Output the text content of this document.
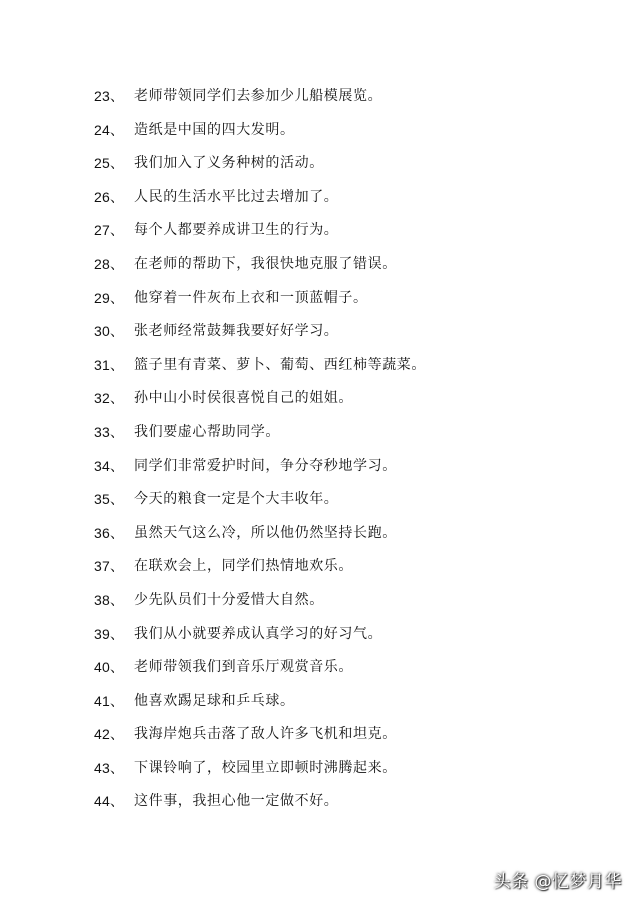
23、 老师带领同学们去参加少儿船模展览。
24、 造纸是中国的四大发明。
25、 我们加入了义务种树的活动。
26、 人民的生活水平比过去增加了。
27、 每个人都要养成讲卫生的行为。
28、 在老师的帮助下，我很快地克服了错误。
29、 他穿着一件灰布上衣和一顶蓝帽子。
30、 张老师经常鼓舞我要好好学习。
31、 篮子里有青菜、萝卜、葡萄、西红柿等蔬菜。
32、 孙中山小时侯很喜悦自己的姐姐。
33、 我们要虚心帮助同学。
34、 同学们非常爱护时间，争分夺秒地学习。
35、 今天的粮食一定是个大丰收年。
36、 虽然天气这么冷，所以他仍然坚持长跑。
37、 在联欢会上，同学们热情地欢乐。
38、 少先队员们十分爱惜大自然。
39、 我们从小就要养成认真学习的好习气。
40、 老师带领我们到音乐厅观赏音乐。
41、 他喜欢踢足球和乒乓球。
42、 我海岸炮兵击落了敌人许多飞机和坦克。
43、 下课铃响了，校园里立即顿时沸腾起来。
44、 这件事，我担心他一定做不好。
头条 @忆梦月华
